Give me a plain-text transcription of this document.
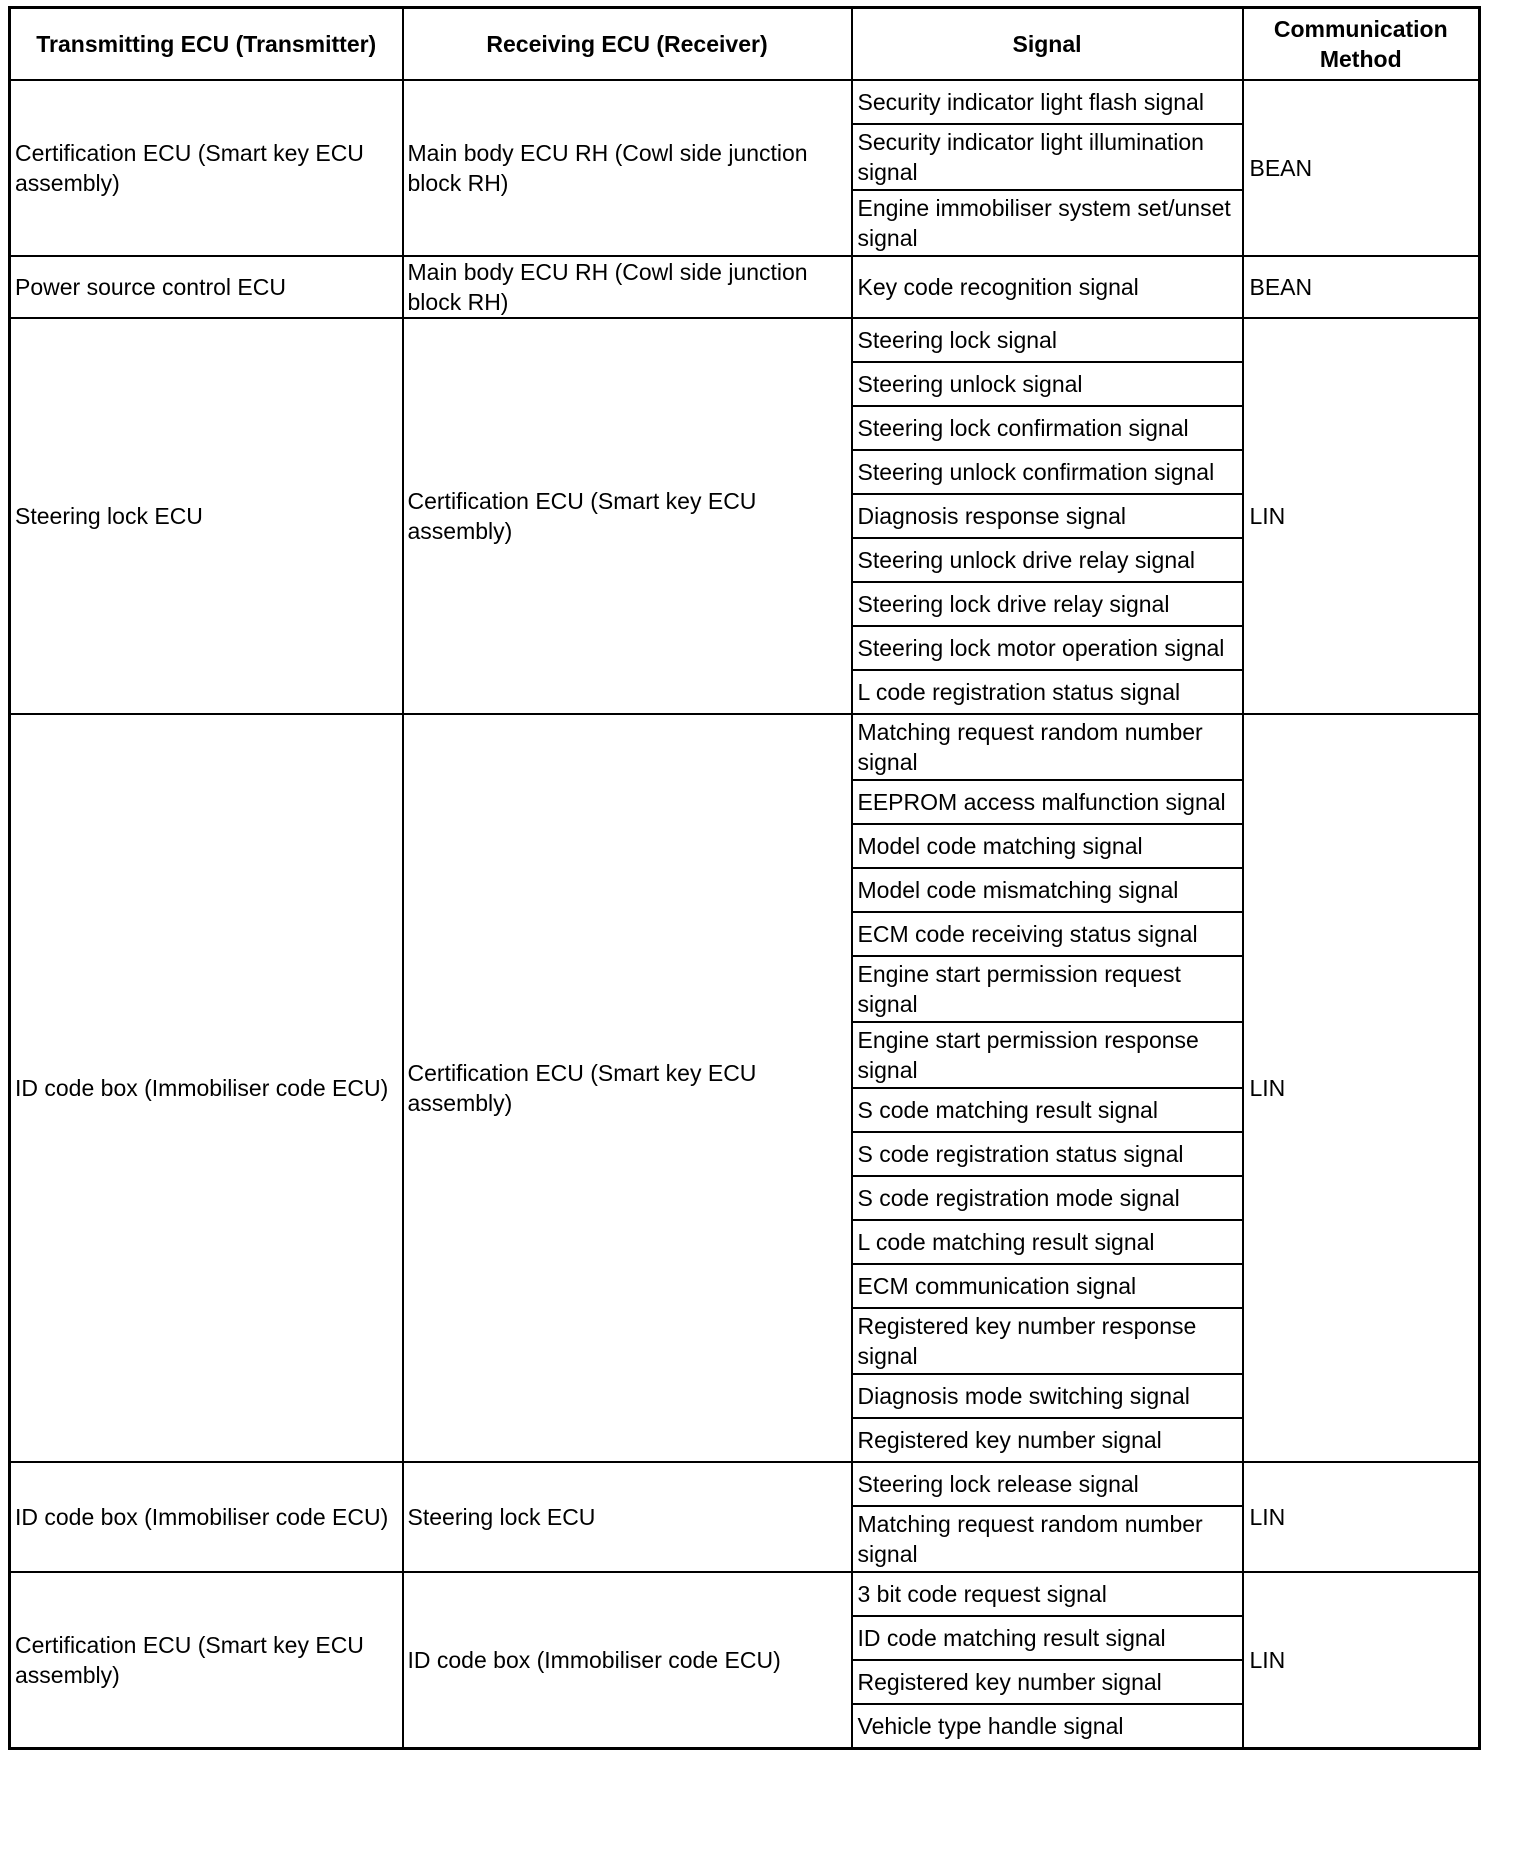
Transmitting ECU (Transmitter)	Receiving ECU (Receiver)	Signal	Communication Method
Certification ECU (Smart key ECU assembly)	Main body ECU RH (Cowl side junction block RH)	Security indicator light flash signal	BEAN
		Security indicator light illumination signal	
		Engine immobiliser system set/unset signal	
Power source control ECU	Main body ECU RH (Cowl side junction block RH)	Key code recognition signal	BEAN
Steering lock ECU	Certification ECU (Smart key ECU assembly)	Steering lock signal	LIN
		Steering unlock signal	
		Steering lock confirmation signal	
		Steering unlock confirmation signal	
		Diagnosis response signal	
		Steering unlock drive relay signal	
		Steering lock drive relay signal	
		Steering lock motor operation signal	
		L code registration status signal	
ID code box (Immobiliser code ECU)	Certification ECU (Smart key ECU assembly)	Matching request random number signal	LIN
		EEPROM access malfunction signal	
		Model code matching signal	
		Model code mismatching signal	
		ECM code receiving status signal	
		Engine start permission request signal	
		Engine start permission response signal	
		S code matching result signal	
		S code registration status signal	
		S code registration mode signal	
		L code matching result signal	
		ECM communication signal	
		Registered key number response signal	
		Diagnosis mode switching signal	
		Registered key number signal	
ID code box (Immobiliser code ECU)	Steering lock ECU	Steering lock release signal	LIN
		Matching request random number signal	
Certification ECU (Smart key ECU assembly)	ID code box (Immobiliser code ECU)	3 bit code request signal	LIN
		ID code matching result signal	
		Registered key number signal	
		Vehicle type handle signal	
